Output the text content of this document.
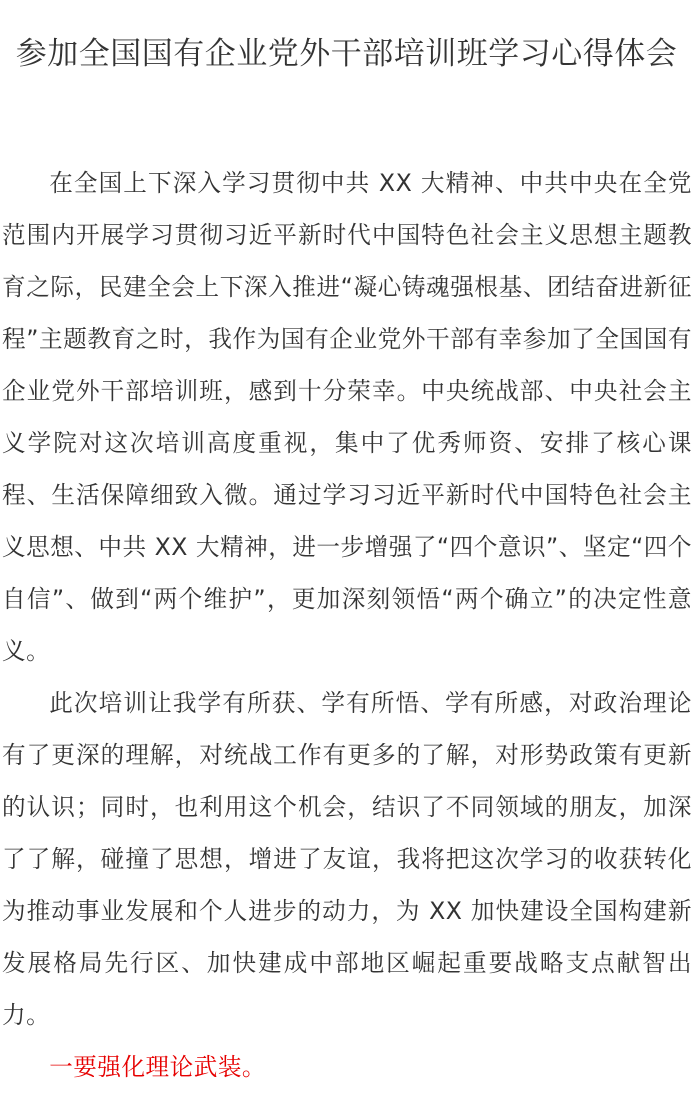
参加全国国有企业党外干部培训班学习心得体会

在全国上下深入学习贯彻中共 XX 大精神、中共中央在全党范围内开展学习贯彻习近平新时代中国特色社会主义思想主题教育之际，民建全会上下深入推进“凝心铸魂强根基、团结奋进新征程”主题教育之时，我作为国有企业党外干部有幸参加了全国国有企业党外干部培训班，感到十分荣幸。中央统战部、中央社会主义学院对这次培训高度重视，集中了优秀师资、安排了核心课程、生活保障细致入微。通过学习习近平新时代中国特色社会主义思想、中共 XX 大精神，进一步增强了“四个意识”、坚定“四个自信”、做到“两个维护”，更加深刻领悟“两个确立”的决定性意义。

此次培训让我学有所获、学有所悟、学有所感，对政治理论有了更深的理解，对统战工作有更多的了解，对形势政策有更新的认识；同时，也利用这个机会，结识了不同领域的朋友，加深了了解，碰撞了思想，增进了友谊，我将把这次学习的收获转化为推动事业发展和个人进步的动力，为 XX 加快建设全国构建新发展格局先行区、加快建成中部地区崛起重要战略支点献智出力。

一要强化理论武装。
